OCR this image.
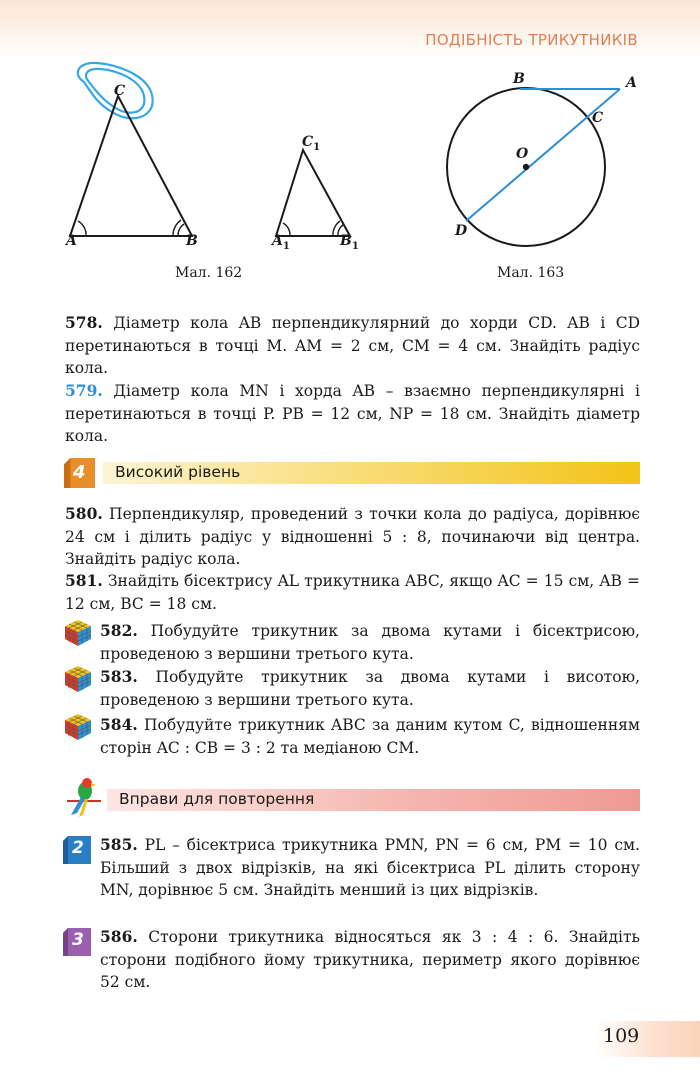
ПОДІБНІСТЬ ТРИКУТНИКІВ
C
A	B
$C_1$
$A_1$	$B_1$
Мал. 162
B	A
C
O
D
Мал. 163
578. Діаметр кола AB перпендикулярний до хорди CD. AB і CD перетинаються в точці M. AM = 2 см, CM = 4 см. Знайдіть радіус кола.
579. Діаметр кола MN і хорда AB – взаємно перпендикулярні і перетинаються в точці P. PB = 12 см, NP = 18 см. Знайдіть діаметр кола.
4 Високий рівень
580. Перпендикуляр, проведений з точки кола до радіуса, дорівнює 24 см і ділить радіус у відношенні 5 : 8, починаючи від центра. Знайдіть радіус кола.
581. Знайдіть бісектрису AL трикутника ABC, якщо AC = 15 см, AB = 12 см, BC = 18 см.
582. Побудуйте трикутник за двома кутами і бісектрисою, проведеною з вершини третього кута.
583. Побудуйте трикутник за двома кутами і висотою, проведеною з вершини третього кута.
584. Побудуйте трикутник ABC за даним кутом C, відношенням сторін AC : CB = 3 : 2 та медіаною CM.
Вправи для повторення
2 585. PL – бісектриса трикутника PMN, PN = 6 см, PM = 10 см. Більший з двох відрізків, на які бісектриса PL ділить сторону MN, дорівнює 5 см. Знайдіть менший із цих відрізків.
3 586. Сторони трикутника відносяться як 3 : 4 : 6. Знайдіть сторони подібного йому трикутника, периметр якого дорівнює 52 см.
109
